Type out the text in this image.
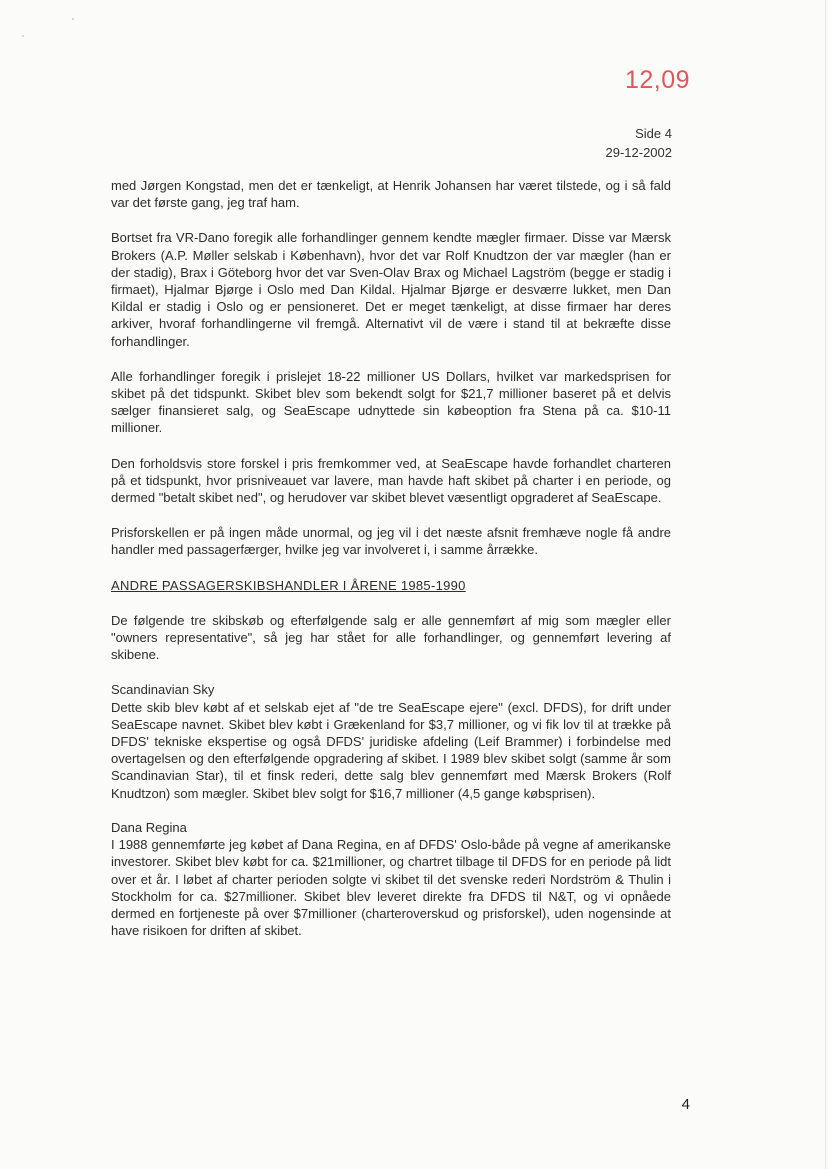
12,09
Side 4
29-12-2002

med Jørgen Kongstad, men det er tænkeligt, at Henrik Johansen har været tilstede, og i så fald var det første gang, jeg traf ham.

Bortset fra VR-Dano foregik alle forhandlinger gennem kendte mægler firmaer. Disse var Mærsk Brokers (A.P. Møller selskab i København), hvor det var Rolf Knudtzon der var mægler (han er der stadig), Brax i Göteborg hvor det var Sven-Olav Brax og Michael Lagström (begge er stadig i firmaet), Hjalmar Bjørge i Oslo med Dan Kildal. Hjalmar Bjørge er desværre lukket, men Dan Kildal er stadig i Oslo og er pensioneret. Det er meget tænkeligt, at disse firmaer har deres arkiver, hvoraf forhandlingerne vil fremgå. Alternativt vil de være i stand til at bekræfte disse forhandlinger.

Alle forhandlinger foregik i prislejet 18-22 millioner US Dollars, hvilket var markedsprisen for skibet på det tidspunkt. Skibet blev som bekendt solgt for $21,7 millioner baseret på et delvis sælger finansieret salg, og SeaEscape udnyttede sin købeoption fra Stena på ca. $10-11 millioner.

Den forholdsvis store forskel i pris fremkommer ved, at SeaEscape havde forhandlet charteren på et tidspunkt, hvor prisniveauet var lavere, man havde haft skibet på charter i en periode, og dermed "betalt skibet ned", og herudover var skibet blevet væsentligt opgraderet af SeaEscape.

Prisforskellen er på ingen måde unormal, og jeg vil i det næste afsnit fremhæve nogle få andre handler med passagerfærger, hvilke jeg var involveret i, i samme årrække.

ANDRE PASSAGERSKIBSHANDLER I ÅRENE 1985-1990

De følgende tre skibskøb og efterfølgende salg er alle gennemført af mig som mægler eller "owners representative", så jeg har stået for alle forhandlinger, og gennemført levering af skibene.

Scandinavian Sky
Dette skib blev købt af et selskab ejet af "de tre SeaEscape ejere" (excl. DFDS), for drift under SeaEscape navnet. Skibet blev købt i Grækenland for $3,7 millioner, og vi fik lov til at trække på DFDS' tekniske ekspertise og også DFDS' juridiske afdeling (Leif Brammer) i forbindelse med overtagelsen og den efterfølgende opgradering af skibet. I 1989 blev skibet solgt (samme år som Scandinavian Star), til et finsk rederi, dette salg blev gennemført med Mærsk Brokers (Rolf Knudtzon) som mægler. Skibet blev solgt for $16,7 millioner (4,5 gange købsprisen).
Dana Regina
I 1988 gennemførte jeg købet af Dana Regina, en af DFDS' Oslo-både på vegne af amerikanske investorer. Skibet blev købt for ca. $21millioner, og chartret tilbage til DFDS for en periode på lidt over et år. I løbet af charter perioden solgte vi skibet til det svenske rederi Nordström & Thulin i Stockholm for ca. $27millioner. Skibet blev leveret direkte fra DFDS til N&T, og vi opnåede dermed en fortjeneste på over $7millioner (charteroverskud og prisforskel), uden nogensinde at have risikoen for driften af skibet.
4
